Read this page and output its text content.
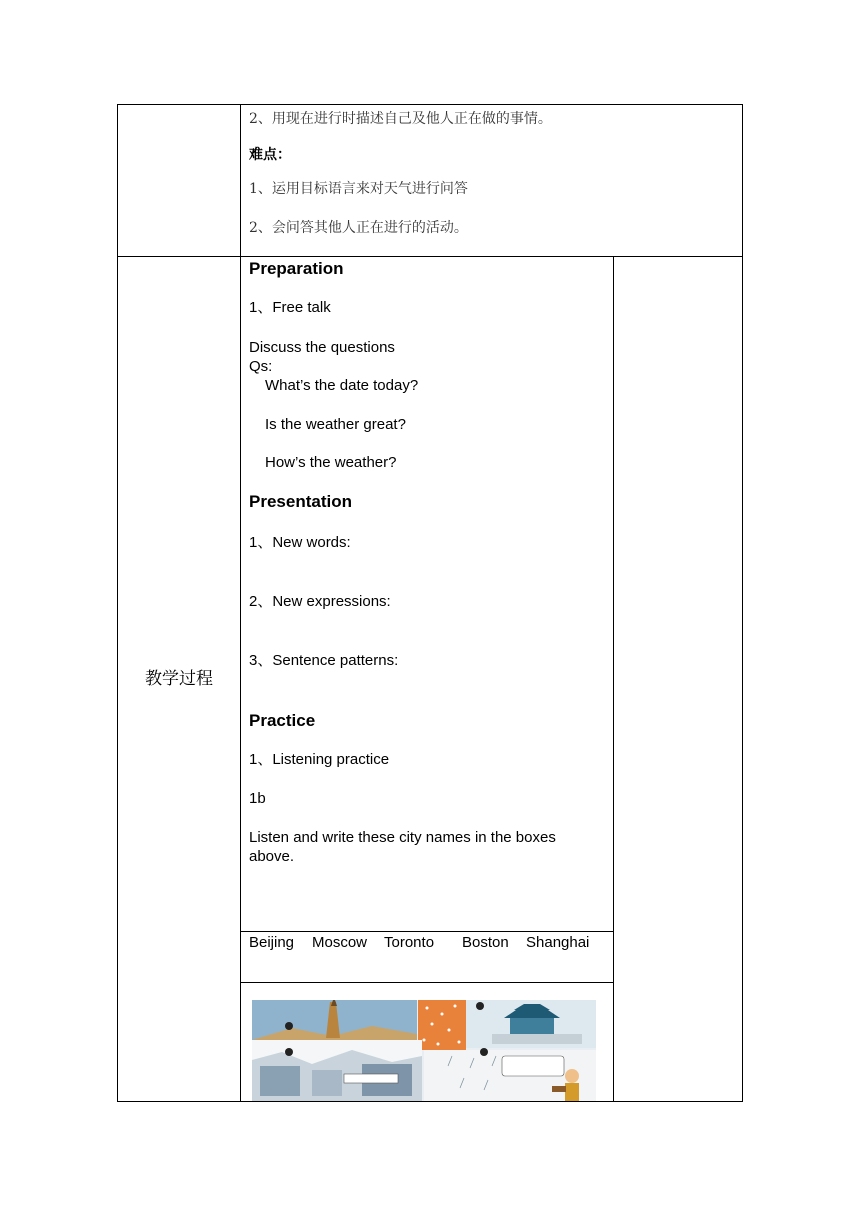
2、用现在进行时描述自己及他人正在做的事情。
难点：
1、运用目标语言来对天气进行问答
2、会问答其他人正在进行的活动。
教学过程
Preparation
1、Free talk
Discuss the questions
Qs:
What’s the date today?
Is the weather great?
How’s the weather?
Presentation
1、New words:
2、New expressions:
3、Sentence patterns:
Practice
1、Listening practice
1b
Listen and write these city names in the boxes above.
Beijing Moscow Toronto Boston Shanghai
